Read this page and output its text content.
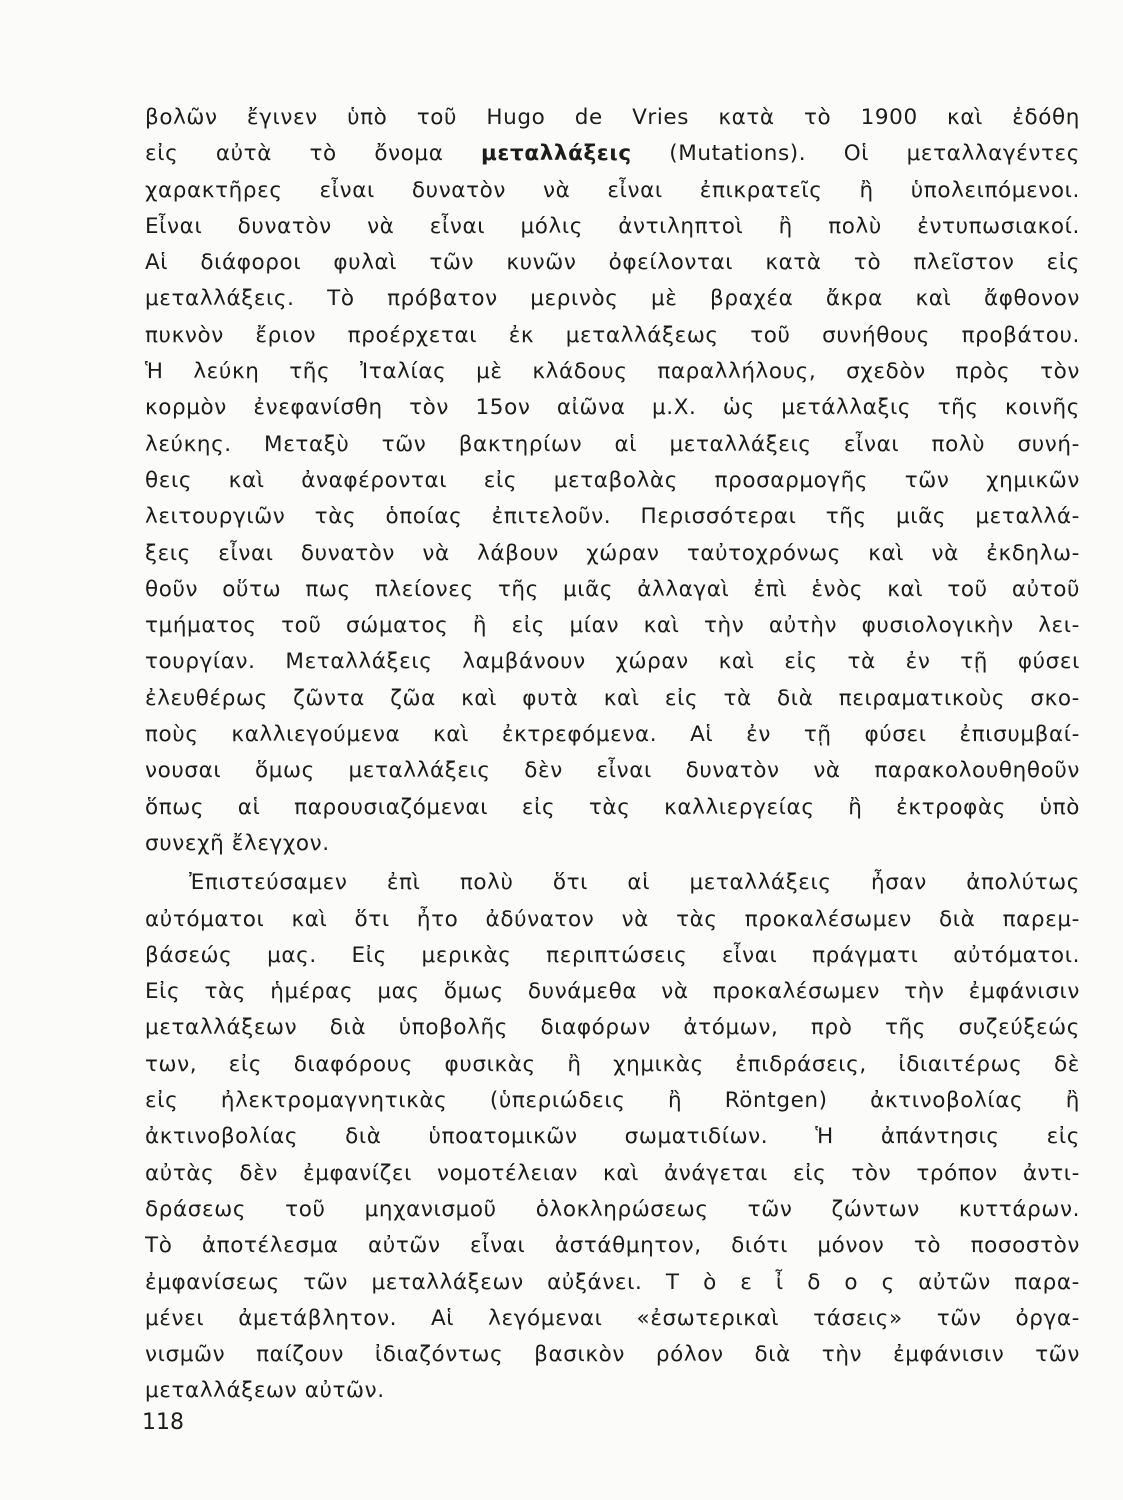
βολῶν ἔγινεν ὑπὸ τοῦ Hugo de Vries κατὰ τὸ 1900 καὶ ἐδόθη
εἰς αὐτὰ τὸ ὄνομα μεταλλάξεις (Mutations). Οἱ μεταλλαγέντες
χαρακτῆρες εἶναι δυνατὸν νὰ εἶναι ἐπικρατεῖς ἢ ὑπολειπόμενοι.
Εἶναι δυνατὸν νὰ εἶναι μόλις ἀντιληπτοὶ ἢ πολὺ ἐντυπωσιακοί.
Αἱ διάφοροι φυλαὶ τῶν κυνῶν ὀφείλονται κατὰ τὸ πλεῖστον εἰς
μεταλλάξεις. Τὸ πρόβατον μερινὸς μὲ βραχέα ἄκρα καὶ ἄφθονον
πυκνὸν ἔριον προέρχεται ἐκ μεταλλάξεως τοῦ συνήθους προβάτου.
Ἡ λεύκη τῆς Ἰταλίας μὲ κλάδους παραλλήλους, σχεδὸν πρὸς τὸν
κορμὸν ἐνεφανίσθη τὸν 15ον αἰῶνα μ.Χ. ὡς μετάλλαξις τῆς κοινῆς
λεύκης. Μεταξὺ τῶν βακτηρίων αἱ μεταλλάξεις εἶναι πολὺ συνή-
θεις καὶ ἀναφέρονται εἰς μεταβολὰς προσαρμογῆς τῶν χημικῶν
λειτουργιῶν τὰς ὁποίας ἐπιτελοῦν. Περισσότεραι τῆς μιᾶς μεταλλά-
ξεις εἶναι δυνατὸν νὰ λάβουν χώραν ταὐτοχρόνως καὶ νὰ ἐκδηλω-
θοῦν οὕτω πως πλείονες τῆς μιᾶς ἀλλαγαὶ ἐπὶ ἑνὸς καὶ τοῦ αὐτοῦ
τμήματος τοῦ σώματος ἢ εἰς μίαν καὶ τὴν αὐτὴν φυσιολογικὴν λει-
τουργίαν. Μεταλλάξεις λαμβάνουν χώραν καὶ εἰς τὰ ἐν τῇ φύσει
ἐλευθέρως ζῶντα ζῶα καὶ φυτὰ καὶ εἰς τὰ διὰ πειραματικοὺς σκο-
ποὺς καλλιεγούμενα καὶ ἐκτρεφόμενα. Αἱ ἐν τῇ φύσει ἐπισυμβαί-
νουσαι ὅμως μεταλλάξεις δὲν εἶναι δυνατὸν νὰ παρακολουθηθοῦν
ὅπως αἱ παρουσιαζόμεναι εἰς τὰς καλλιεργείας ἢ ἐκτροφὰς ὑπὸ
συνεχῆ ἔλεγχον.
Ἐπιστεύσαμεν ἐπὶ πολὺ ὅτι αἱ μεταλλάξεις ἦσαν ἀπολύτως
αὐτόματοι καὶ ὅτι ἦτο ἀδύνατον νὰ τὰς προκαλέσωμεν διὰ παρεμ-
βάσεώς μας. Εἰς μερικὰς περιπτώσεις εἶναι πράγματι αὐτόματοι.
Εἰς τὰς ἡμέρας μας ὅμως δυνάμεθα νὰ προκαλέσωμεν τὴν ἐμφάνισιν
μεταλλάξεων διὰ ὑποβολῆς διαφόρων ἀτόμων, πρὸ τῆς συζεύξεώς
των, εἰς διαφόρους φυσικὰς ἢ χημικὰς ἐπιδράσεις, ἰδιαιτέρως δὲ
εἰς ἠλεκτρομαγνητικὰς (ὑπεριώδεις ἢ Röntgen) ἀκτινοβολίας ἢ
ἀκτινοβολίας διὰ ὑποατομικῶν σωματιδίων. Ἡ ἀπάντησις εἰς
αὐτὰς δὲν ἐμφανίζει νομοτέλειαν καὶ ἀνάγεται εἰς τὸν τρόπον ἀντι-
δράσεως τοῦ μηχανισμοῦ ὁλοκληρώσεως τῶν ζώντων κυττάρων.
Τὸ ἀποτέλεσμα αὐτῶν εἶναι ἀστάθμητον, διότι μόνον τὸ ποσοστὸν
ἐμφανίσεως τῶν μεταλλάξεων αὐξάνει. Τ ὸ ε ἶ δ ο ς αὐτῶν παρα-
μένει ἀμετάβλητον. Αἱ λεγόμεναι «ἐσωτερικαὶ τάσεις» τῶν ὀργα-
νισμῶν παίζουν ἰδιαζόντως βασικὸν ρόλον διὰ τὴν ἐμφάνισιν τῶν
μεταλλάξεων αὐτῶν.
118
